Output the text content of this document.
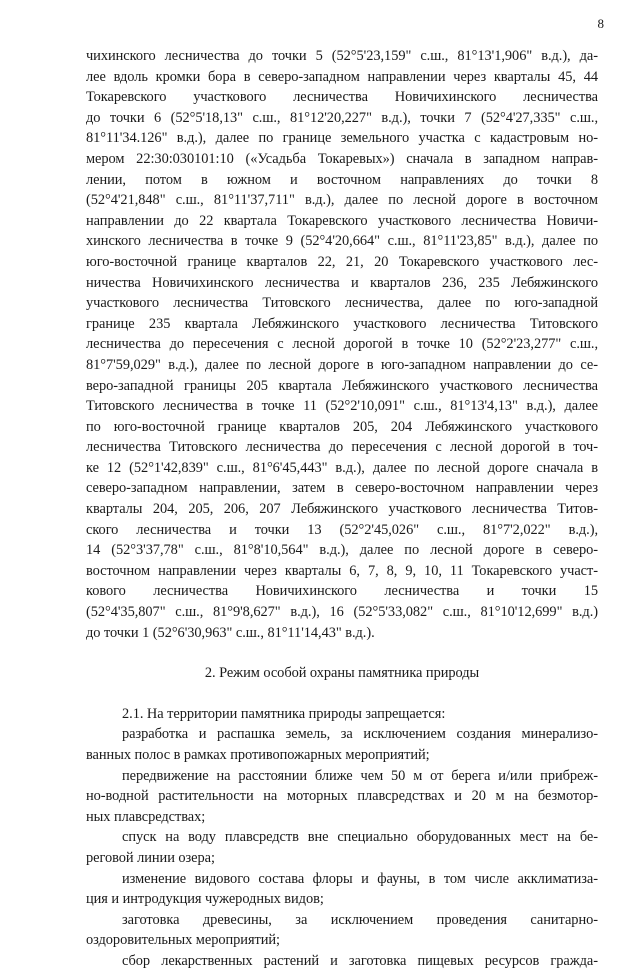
8
чихинского лесничества до точки 5 (52°5'23,159" с.ш., 81°13'1,906" в.д.), да-
лее вдоль кромки бора в северо-западном направлении через кварталы 45, 44
Токаревского участкового лесничества Новичихинского лесничества
до точки 6 (52°5'18,13" с.ш., 81°12'20,227" в.д.), точки 7 (52°4'27,335" с.ш.,
81°11'34.126" в.д.), далее по границе земельного участка с кадастровым но-
мером 22:30:030101:10 («Усадьба Токаревых») сначала в западном направ-
лении, потом в южном и восточном направлениях до точки 8
(52°4'21,848" с.ш., 81°11'37,711" в.д.), далее по лесной дороге в восточном
направлении до 22 квартала Токаревского участкового лесничества Новичи-
хинского лесничества в точке 9 (52°4'20,664" с.ш., 81°11'23,85" в.д.), далее по
юго-восточной границе кварталов 22, 21, 20 Токаревского участкового лес-
ничества Новичихинского лесничества и кварталов 236, 235 Лебяжинского
участкового лесничества Титовского лесничества, далее по юго-западной
границе 235 квартала Лебяжинского участкового лесничества Титовского
лесничества до пересечения с лесной дорогой в точке 10 (52°2'23,277" с.ш.,
81°7'59,029" в.д.), далее по лесной дороге в юго-западном направлении до се-
веро-западной границы 205 квартала Лебяжинского участкового лесничества
Титовского лесничества в точке 11 (52°2'10,091" с.ш., 81°13'4,13" в.д.), далее
по юго-восточной границе кварталов 205, 204 Лебяжинского участкового
лесничества Титовского лесничества до пересечения с лесной дорогой в точ-
ке 12 (52°1'42,839" с.ш., 81°6'45,443" в.д.), далее по лесной дороге сначала в
северо-западном направлении, затем в северо-восточном направлении через
кварталы 204, 205, 206, 207 Лебяжинского участкового лесничества Титов-
ского лесничества и точки 13 (52°2'45,026" с.ш., 81°7'2,022" в.д.),
14 (52°3'37,78" с.ш., 81°8'10,564" в.д.), далее по лесной дороге в северо-
восточном направлении через кварталы 6, 7, 8, 9, 10, 11 Токаревского участ-
кового лесничества Новичихинского лесничества и точки 15
(52°4'35,807" с.ш., 81°9'8,627" в.д.), 16 (52°5'33,082" с.ш., 81°10'12,699" в.д.)
до точки 1 (52°6'30,963" с.ш., 81°11'14,43" в.д.).
2. Режим особой охраны памятника природы
2.1. На территории памятника природы запрещается:
разработка и распашка земель, за исключением создания минерализо-
ванных полос в рамках противопожарных мероприятий;
передвижение на расстоянии ближе чем 50 м от берега и/или прибреж-
но-водной растительности на моторных плавсредствах и 20 м на безмотор-
ных плавсредствах;
спуск на воду плавсредств вне специально оборудованных мест на бе-
реговой линии озера;
изменение видового состава флоры и фауны, в том числе акклиматиза-
ция и интродукция чужеродных видов;
заготовка древесины, за исключением проведения санитарно-
оздоровительных мероприятий;
сбор лекарственных растений и заготовка пищевых ресурсов гражда-
